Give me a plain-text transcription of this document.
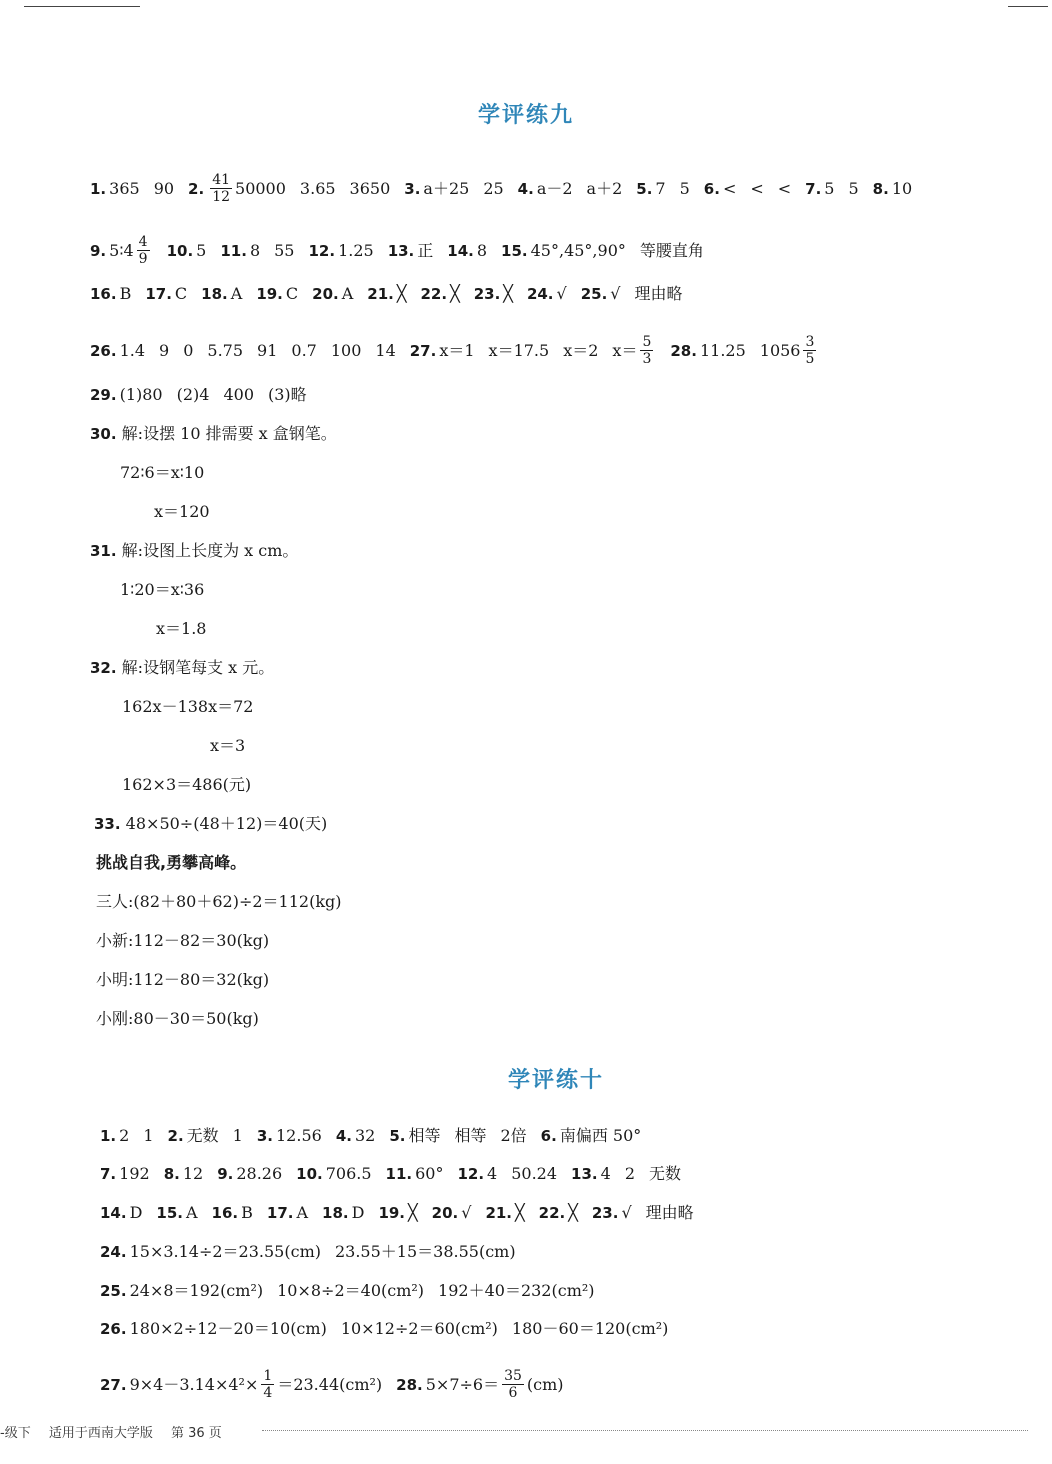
学评练九
1. 365 90 2. $\frac{41}{12} 50000$ 3.65 3650 3. a＋25 25 4. a－2 a＋2 5. 7 5 6. < < < 7. 5 5 8. 10
9. 5∶4 $\frac{4}{9} 10$. 5 11. 8 55 12. 1.25 13. 正 14. 8 15. 45°,45°,90° 等腰直角
16. B 17. C 18. A 19. C 20. A 21. ╳ 22. ╳ 23. ╳ 24. √ 25. √ 理由略
26. 1.4 9 0 5.75 91 0.7 100 14 27. x＝1 x＝17.5 x＝2 $x= \frac{5}{3} 28$. 11.25 $1056 \frac{3}{5}$
29. (1)80 (2)4 400 (3)略
30. 解:设摆 10 排需要 x 盒钢笔。
72∶6＝x∶10
x＝120
31. 解:设图上长度为 x cm。
1∶20＝x∶36
x＝1.8
32. 解:设钢笔每支 x 元。
162x－138x＝72
x＝3
162×3＝486(元)
33. 48×50÷(48＋12)＝40(天)
挑战自我,勇攀高峰。
三人:(82＋80＋62)÷2＝112(kg)
小新:112－82＝30(kg)
小明:112－80＝32(kg)
小刚:80－30＝50(kg)
学评练十
1. 2 1 2. 无数 1 3. 12.56 4. 32 5. 相等 相等 2倍 6. 南偏西 50°
7. 192 8. 12 9. 28.26 10. 706.5 11. 60° 12. 4 50.24 13. 4 2 无数
14. D 15. A 16. B 17. A 18. D 19. ╳ 20. √ 21. ╳ 22. ╳ 23. √ 理由略
24. 15×3.14÷2＝23.55(cm) 23.55＋15＝38.55(cm)
25. 24×8＝192(cm²) 10×8÷2＝40(cm²) 192＋40＝232(cm²)
26. 180×2÷12－20＝10(cm) 10×12÷2＝60(cm²) 180－60＝120(cm²)
27. $9\times 4-3.14\times 4^2\times \frac{1}{4} =23.44(cm^2)$ 28. $5\times 7\div 6= \frac{35}{6} (cm)$
-级下 适用于西南大学版 第 36 页
